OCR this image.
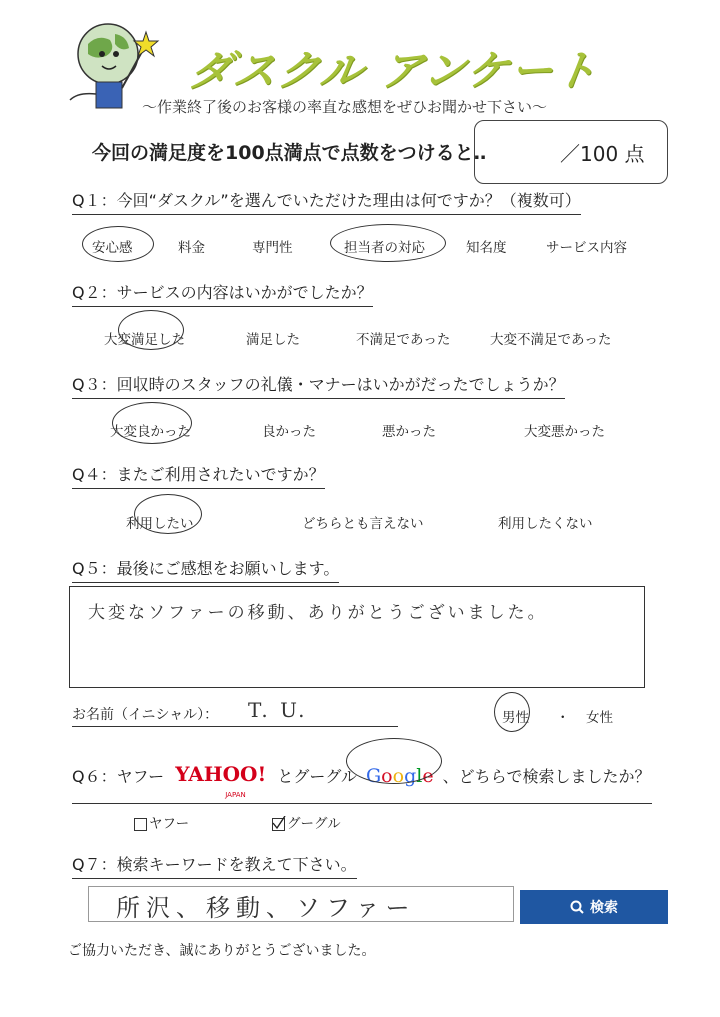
ダスクル アンケート
～作業終了後のお客様の率直な感想をぜひお聞かせ下さい～
今回の満足度を100点満点で点数をつけると‥	／100 点
Q１：今回“ダスクル”を選んでいただけた理由は何ですか？（複数可）
安心感	料金	専門性	担当者の対応	知名度	サービス内容
Q２：サービスの内容はいかがでしたか？
大変満足した	満足した	不満足であった	大変不満足であった
Q３：回収時のスタッフの礼儀・マナーはいかがだったでしょうか？
大変良かった	良かった	悪かった	大変悪かった
Q４：またご利用されたいですか？
利用したい	どちらとも言えない	利用したくない
Q５：最後にご感想をお願いします。
大変なソファーの移動、ありがとうございました。
お名前（イニシャル）： T. U.	男性 ・ 女性
Q６：ヤフー YAHOO!
JAPAN とグーグル Google 、どちらで検索しましたか？
ヤフー	グーグル
Q７：検索キーワードを教えて下さい。
所沢、移動、ソファー	検索
ご協力いただき、誠にありがとうございました。
